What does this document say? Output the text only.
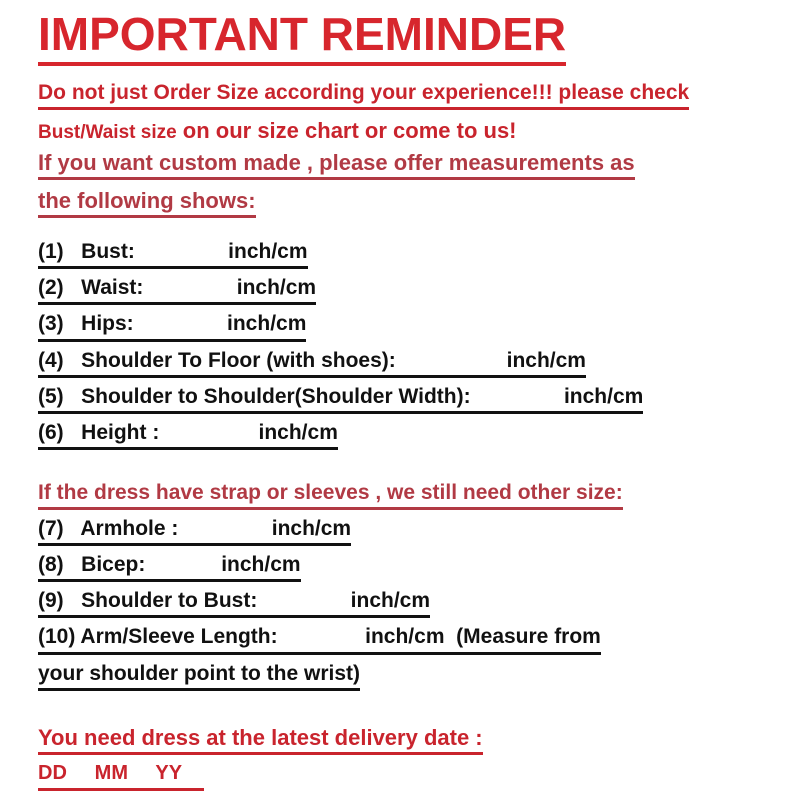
IMPORTANT REMINDER
Do not just Order Size according your experience!!! please check
Bust/Waist size on our size chart or come to us!
If you want custom made , please offer measurements as
the following shows:
(1)   Bust:                inch/cm
(2)   Waist:                inch/cm
(3)   Hips:                inch/cm
(4)   Shoulder To Floor (with shoes):                   inch/cm
(5)   Shoulder to Shoulder(Shoulder Width):                inch/cm
(6)   Height :                 inch/cm
If the dress have strap or sleeves , we still need other size:
(7)   Armhole :                inch/cm
(8)   Bicep:             inch/cm
(9)   Shoulder to Bust:                inch/cm
(10) Arm/Sleeve Length:               inch/cm  (Measure from
your shoulder point to the wrist)
You need dress at the latest delivery date :
DD     MM     YY
